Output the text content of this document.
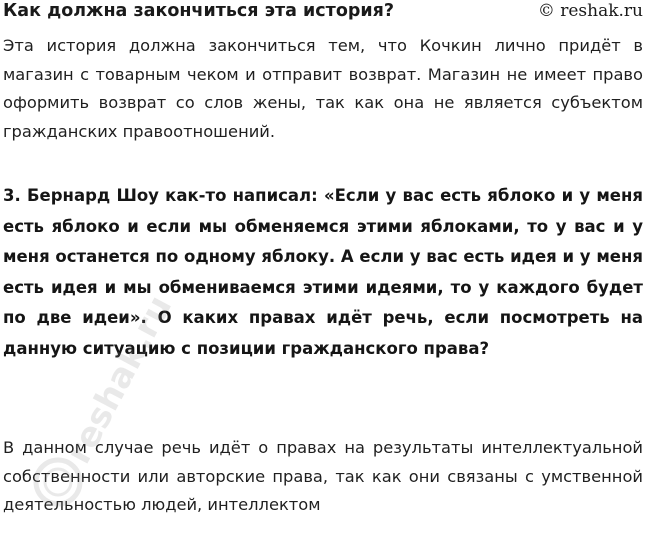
Как должна закончиться эта история?	© reshak.ru

Эта история должна закончиться тем, что Кочкин лично придёт в магазин с товарным чеком и отправит возврат. Магазин не имеет право оформить возврат со слов жены, так как она не является субъектом гражданских правоотношений.

3. Бернард Шоу как-то написал: «Если у вас есть яблоко и у меня есть яблоко и если мы обменяемся этими яблоками, то у вас и у меня останется по одному яблоку. А если у вас есть идея и у меня есть идея и мы обмениваемся этими идеями, то у каждого будет по две идеи». О каких правах идёт речь, если посмотреть на данную ситуацию с позиции гражданского права?

В данном случае речь идёт о правах на результаты интеллектуальной собственности или авторские права, так как они связаны с умственной деятельностью людей, интеллектом

reshak.ru
